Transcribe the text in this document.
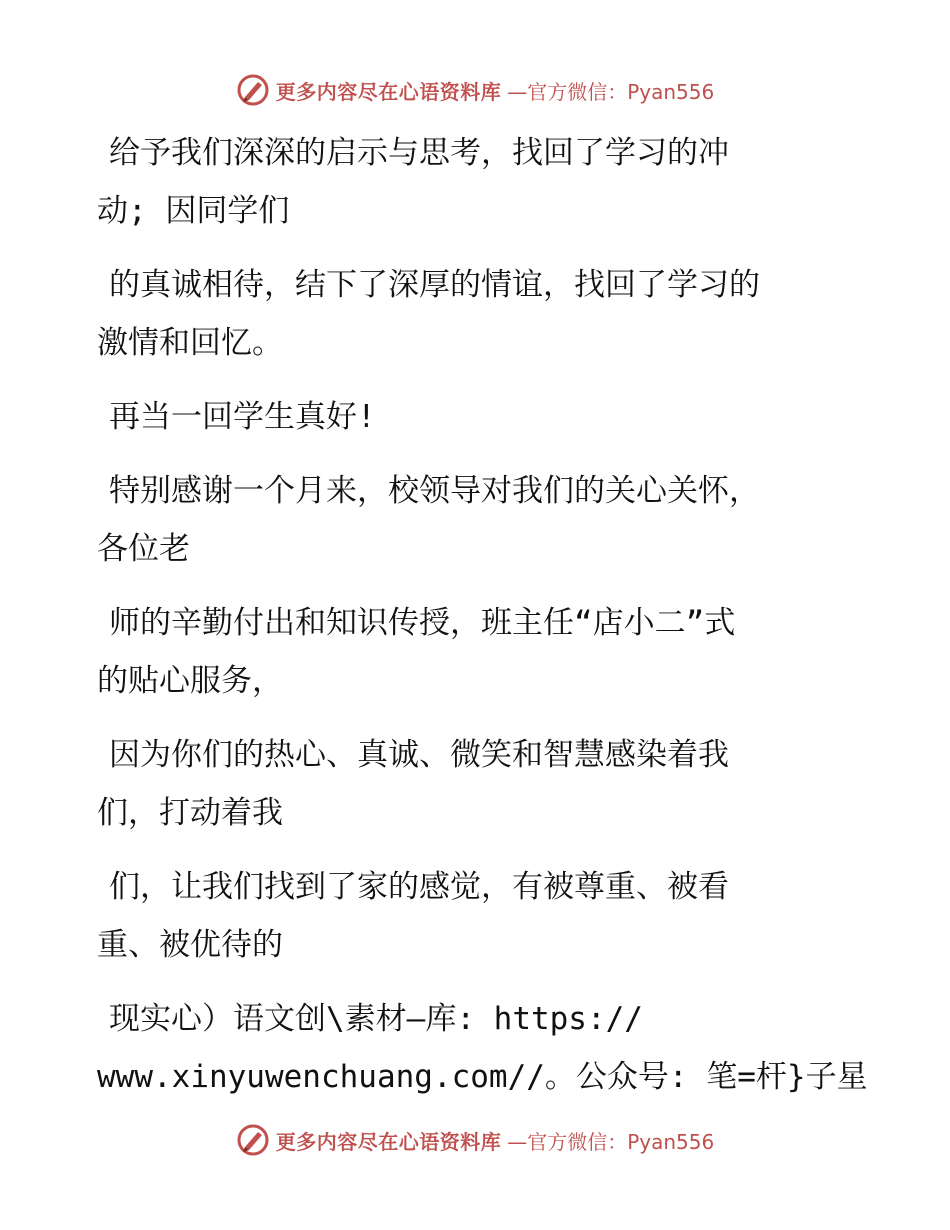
更多内容尽在心语资料库 —官方微信：Pyan556
给予我们深深的启示与思考，找回了学习的冲
动; 因同学们
的真诚相待，结下了深厚的情谊，找回了学习的
激情和回忆。
再当一回学生真好!
特别感谢一个月来，校领导对我们的关心关怀，
各位老
师的辛勤付出和知识传授，班主任“店小二”式
的贴心服务，
因为你们的热心、真诚、微笑和智慧感染着我
们，打动着我
们，让我们找到了家的感觉，有被尊重、被看
重、被优待的
现实心）语文创\素材—库: https://
www.xinyuwenchuang.com//。公众号: 笔=杆}子星
更多内容尽在心语资料库 —官方微信：Pyan556
